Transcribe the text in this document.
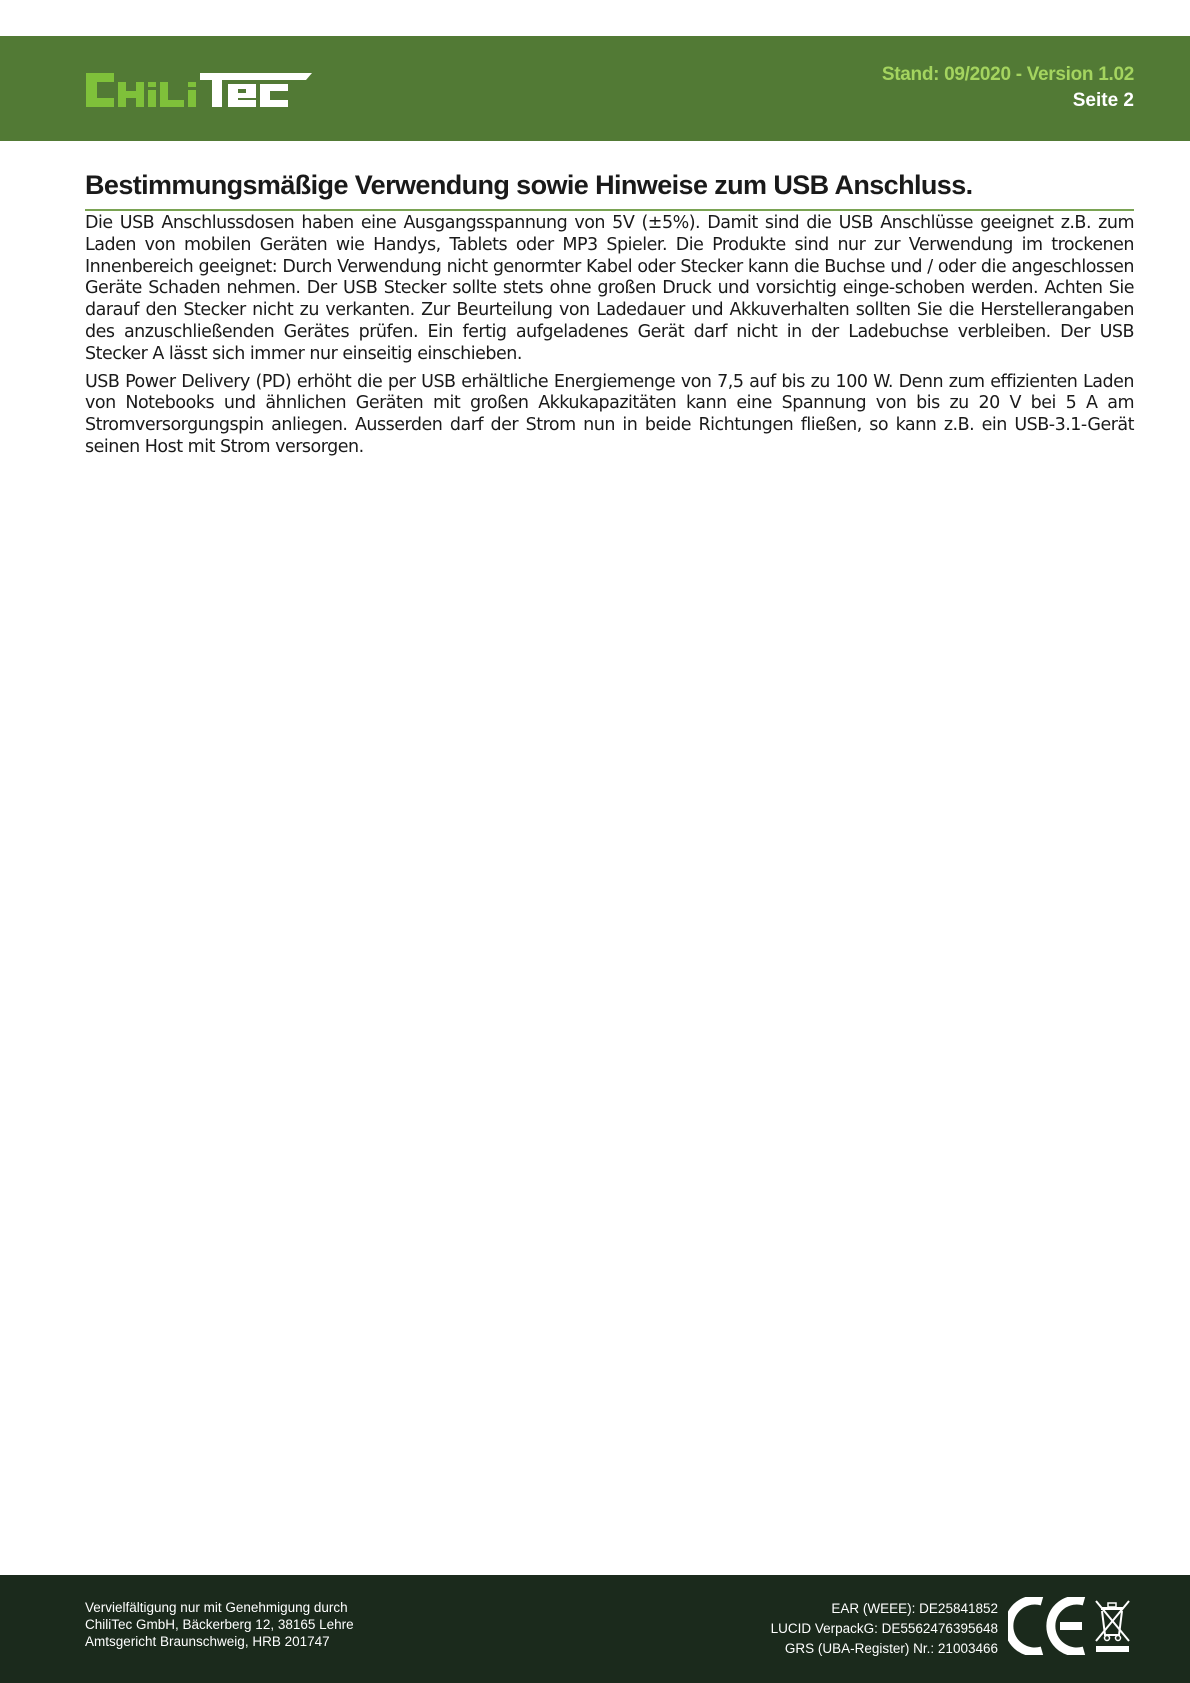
Stand: 09/2020 - Version 1.02
Seite 2
Bestimmungsmäßige Verwendung sowie Hinweise zum USB Anschluss.

Die USB Anschlussdosen haben eine Ausgangsspannung von 5V (±5%). Damit sind die USB Anschlüsse geeignet z.B. zum Laden von mobilen Geräten wie Handys, Tablets oder MP3 Spieler. Die Produkte sind nur zur Verwendung im trockenen Innenbereich geeignet: Durch Verwendung nicht genormter Kabel oder Stecker kann die Buchse und / oder die angeschlossen Geräte Schaden nehmen. Der USB Stecker sollte stets ohne großen Druck und vorsichtig einge-schoben werden. Achten Sie darauf den Stecker nicht zu verkanten. Zur Beurteilung von Ladedauer und Akkuverhalten sollten Sie die Herstellerangaben des anzuschließenden Gerätes prüfen. Ein fertig aufgeladenes Gerät darf nicht in der Ladebuchse verbleiben. Der USB Stecker A lässt sich immer nur einseitig einschieben.

USB Power Delivery (PD) erhöht die per USB erhältliche Energiemenge von 7,5 auf bis zu 100 W. Denn zum effizienten Laden von Notebooks und ähnlichen Geräten mit großen Akkukapazitäten kann eine Spannung von bis zu 20 V bei 5 A am Stromversorgungspin anliegen. Ausserden darf der Strom nun in beide Richtungen fließen, so kann z.B. ein USB-3.1-Gerät seinen Host mit Strom versorgen.

Vervielfältigung nur mit Genehmigung durch
ChiliTec GmbH, Bäckerberg 12, 38165 Lehre
Amtsgericht Braunschweig, HRB 201747
EAR (WEEE): DE25841852
LUCID VerpackG: DE5562476395648
GRS (UBA-Register) Nr.: 21003466
